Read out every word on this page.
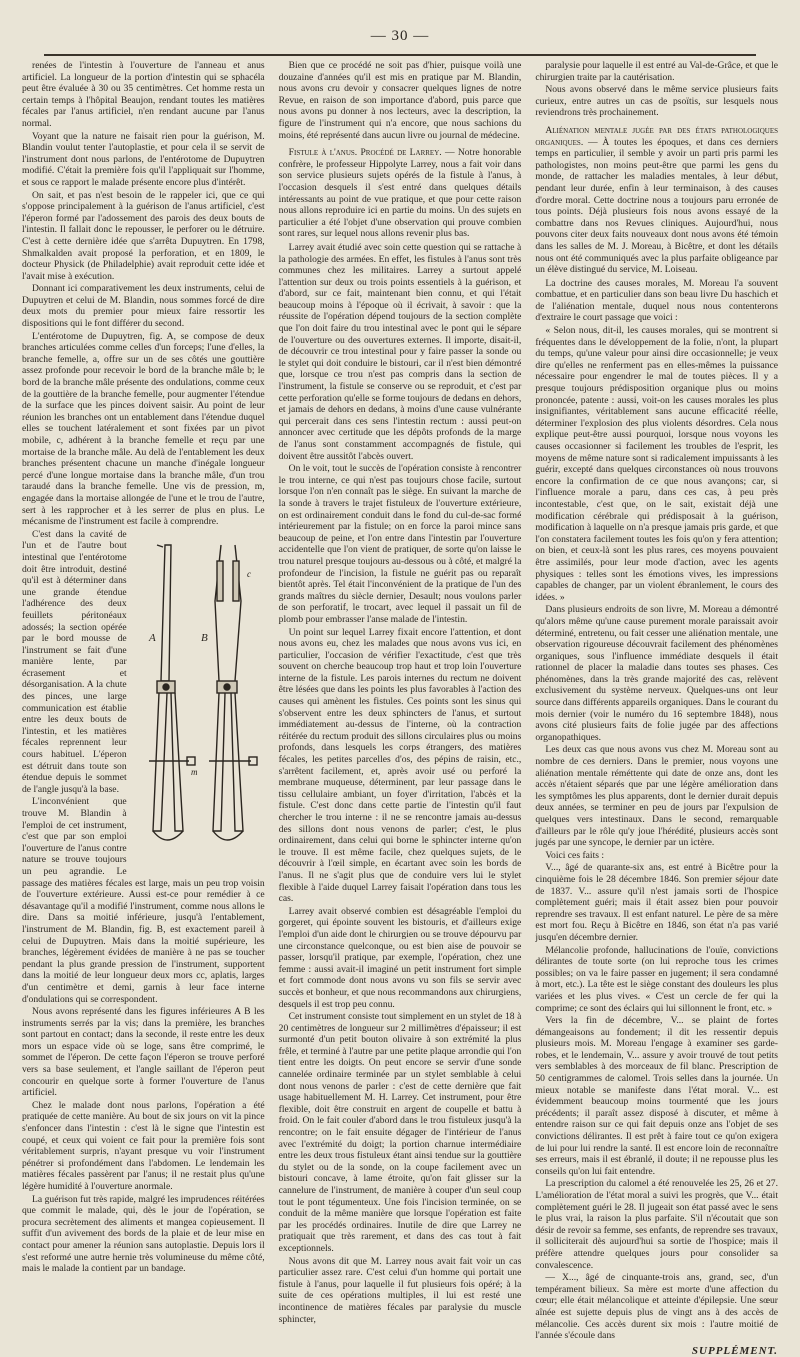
— 30 —

renées de l'intestin à l'ouverture de l'anneau et anus artificiel. La longueur de la portion d'intestin qui se sphacéla peut être évaluée à 30 ou 35 centimètres. Cet homme resta un certain temps à l'hôpital Beaujon, rendant toutes les matières fécales par l'anus artificiel, n'en rendant aucune par l'anus normal.

Voyant que la nature ne faisait rien pour la guérison, M. Blandin voulut tenter l'autoplastie, et pour cela il se servit de l'instrument dont nous parlons, de l'entérotome de Dupuytren modifié. C'était la première fois qu'il l'appliquait sur l'homme, et sous ce rapport le malade présente encore plus d'intérêt.

On sait, et pas n'est besoin de le rappeler ici, que ce qui s'oppose principalement à la guérison de l'anus artificiel, c'est l'éperon formé par l'adossement des parois des deux bouts de l'intestin. Il fallait donc le repousser, le perforer ou le détruire. C'est à cette dernière idée que s'arrêta Dupuytren. En 1798, Shmalkalden avait proposé la perforation, et en 1809, le docteur Physick (de Philadelphie) avait reproduit cette idée et l'avait mise à exécution.

Donnant ici comparativement les deux instruments, celui de Dupuytren et celui de M. Blandin, nous sommes forcé de dire deux mots du premier pour mieux faire ressortir les dispositions qui le font différer du second.

L'entérotome de Dupuytren, fig. A, se compose de deux branches articulées comme celles d'un forceps; l'une d'elles, la branche femelle, a, offre sur un de ses côtés une gouttière assez profonde pour recevoir le bord de la branche mâle b; le bord de la branche mâle présente des ondulations, comme ceux de la gouttière de la branche femelle, pour augmenter l'étendue de la surface que les pinces doivent saisir. Au point de leur réunion les branches ont un entablement dans l'étendue duquel elles se touchent latéralement et sont fixées par un pivot mobile, c, adhérent à la branche femelle et reçu par une mortaise de la branche mâle. Au delà de l'entablement les deux branches présentent chacune un manche d'inégale longueur percé d'une longue mortaise dans la branche mâle, d'un trou taraudé dans la branche femelle. Une vis de pression, m, engagée dans la mortaise allongée de l'une et le trou de l'autre, sert à les rapprocher et à les serrer de plus en plus. Le mécanisme de l'instrument est facile à comprendre.

A	B
c
m

C'est dans la cavité de l'un et de l'autre bout intestinal que l'entérotome doit être introduit, destiné qu'il est à déterminer dans une grande étendue l'adhérence des deux feuillets péritonéaux adossés; la section opérée par le bord mousse de l'instrument se fait d'une manière lente, par écrasement et désorganisation. A la chute des pinces, une large communication est établie entre les deux bouts de l'intestin, et les matières fécales reprennent leur cours habituel. L'éperon est détruit dans toute son étendue depuis le sommet de l'angle jusqu'à la base.

L'inconvénient que trouve M. Blandin à l'emploi de cet instrument, c'est que par son emploi l'ouverture de l'anus contre nature se trouve toujours un peu agrandie. Le passage des matières fécales est large, mais un peu trop voisin de l'ouverture extérieure. Aussi est-ce pour remédier à ce désavantage qu'il a modifié l'instrument, comme nous allons le dire. Dans sa moitié inférieure, jusqu'à l'entablement, l'instrument de M. Blandin, fig. B, est exactement pareil à celui de Dupuytren. Mais dans la moitié supérieure, les branches, légèrement évidées de manière à ne pas se toucher pendant la plus grande pression de l'instrument, supportent dans la moitié de leur longueur deux mors cc, aplatis, larges d'un centimètre et demi, garnis à leur face interne d'ondulations qui se correspondent.

Nous avons représenté dans les figures inférieures A B les instruments serrés par la vis; dans la première, les branches sont partout en contact; dans la seconde, il reste entre les deux mors un espace vide où se loge, sans être comprimé, le sommet de l'éperon. De cette façon l'éperon se trouve perforé vers sa base seulement, et l'angle saillant de l'éperon peut concourir en quelque sorte à former l'ouverture de l'anus artificiel.

Chez le malade dont nous parlons, l'opération a été pratiquée de cette manière. Au bout de six jours on vit la pince s'enfoncer dans l'intestin : c'est là le signe que l'intestin est coupé, et ceux qui voient ce fait pour la première fois sont véritablement surpris, n'ayant presque vu voir l'instrument pénétrer si profondément dans l'abdomen. Le lendemain les matières fécales passèrent par l'anus; il ne restait plus qu'une légère humidité à l'ouverture anormale.

La guérison fut très rapide, malgré les imprudences réitérées que commit le malade, qui, dès le jour de l'opération, se procura secrètement des aliments et mangea copieusement. Il suffit d'un avivement des bords de la plaie et de leur mise en contact pour amener la réunion sans autoplastie. Depuis lors il s'est reformé une autre hernie très volumineuse du même côté, mais le malade la contient par un bandage.

Bien que ce procédé ne soit pas d'hier, puisque voilà une douzaine d'années qu'il est mis en pratique par M. Blandin, nous avons cru devoir y consacrer quelques lignes de notre Revue, en raison de son importance d'abord, puis parce que nous avons pu donner à nos lecteurs, avec la description, la figure de l'instrument qui n'a encore, que nous sachions du moins, été représenté dans aucun livre ou journal de médecine.

Fistule à l'anus. Procédé de Larrey. — Notre honorable confrère, le professeur Hippolyte Larrey, nous a fait voir dans son service plusieurs sujets opérés de la fistule à l'anus, à l'occasion desquels il s'est entré dans quelques détails intéressants au point de vue pratique, et que pour cette raison nous allons reproduire ici en partie du moins. Un des sujets en particulier a été l'objet d'une observation qui prouve combien sont rares, sur lequel nous allons revenir plus bas.

Larrey avait étudié avec soin cette question qui se rattache à la pathologie des armées. En effet, les fistules à l'anus sont très communes chez les militaires. Larrey a surtout appelé l'attention sur deux ou trois points essentiels à la guérison, et d'abord, sur ce fait, maintenant bien connu, et qui l'était beaucoup moins à l'époque où il écrivait, à savoir : que la réussite de l'opération dépend toujours de la section complète que l'on doit faire du trou intestinal avec le pont qui le sépare de l'ouverture ou des ouvertures externes. Il importe, disait-il, de découvrir ce trou intestinal pour y faire passer la sonde ou le stylet qui doit conduire le bistouri, car il n'est bien démontré que, lorsque ce trou n'est pas compris dans la section de l'instrument, la fistule se conserve ou se reproduit, et c'est par cette perforation qu'elle se forme toujours de dedans en dehors, et jamais de dehors en dedans, à moins d'une cause vulnérante qui percerait dans ces sens l'intestin rectum : aussi peut-on annoncer avec certitude que les dépôts profonds de la marge de l'anus sont constamment accompagnés de fistule, qui doivent être aussitôt l'abcès ouvert.

On le voit, tout le succès de l'opération consiste à rencontrer le trou interne, ce qui n'est pas toujours chose facile, surtout lorsque l'on n'en connaît pas le siège. En suivant la marche de la sonde à travers le trajet fistuleux de l'ouverture extérieure, on est ordinairement conduit dans le fond du cul-de-sac formé intérieurement par la fistule; on en force la paroi mince sans beaucoup de peine, et l'on entre dans l'intestin par l'ouverture accidentelle que l'on vient de pratiquer, de sorte qu'on laisse le trou naturel presque toujours au-dessous ou à côté, et malgré la profondeur de l'incision, la fistule ne guérit pas ou reparaît bientôt après. Tel était l'inconvénient de la pratique de l'un des grands maîtres du siècle dernier, Desault; nous voulons parler de son perforatif, le trocart, avec lequel il passait un fil de plomb pour embrasser l'anse malade de l'intestin.

Un point sur lequel Larrey fixait encore l'attention, et dont nous avons eu, chez les malades que nous avons vus ici, en particulier, l'occasion de vérifier l'exactitude, c'est que très souvent on cherche beaucoup trop haut et trop loin l'ouverture interne de la fistule. Les parois internes du rectum ne doivent être lésées que dans les points les plus favorables à l'action des causes qui amènent les fistules. Ces points sont les sinus qui s'observent entre les deux sphincters de l'anus, et surtout immédiatement au-dessus de l'interne, où la contraction réitérée du rectum produit des sillons circulaires plus ou moins profonds, dans lesquels les corps étrangers, des matières fécales, les petites parcelles d'os, des pépins de raisin, etc., s'arrêtent facilement, et, après avoir usé ou perforé la membrane muqueuse, déterminent, par leur passage dans le tissu cellulaire ambiant, un foyer d'irritation, l'abcès et la fistule. C'est donc dans cette partie de l'intestin qu'il faut chercher le trou interne : il ne se rencontre jamais au-dessus des sillons dont nous venons de parler; c'est, le plus ordinairement, dans celui qui borne le sphincter interne qu'on le trouve. Il est même facile, chez quelques sujets, de le découvrir à l'œil simple, en écartant avec soin les bords de l'anus. Il ne s'agit plus que de conduire vers lui le stylet flexible à l'aide duquel Larrey faisait l'opération dans tous les cas.

Larrey avait observé combien est désagréable l'emploi du gorgeret, qui épointe souvent les bistouris, et d'ailleurs exige l'emploi d'un aide dont le chirurgien ou se trouve dépourvu par une circonstance quelconque, ou est bien aise de pouvoir se passer, lorsqu'il pratique, par exemple, l'opération, chez une femme : aussi avait-il imaginé un petit instrument fort simple et fort commode dont nous avons vu son fils se servir avec succès et bonheur, et que nous recommandons aux chirurgiens, desquels il est trop peu connu.

Cet instrument consiste tout simplement en un stylet de 18 à 20 centimètres de longueur sur 2 millimètres d'épaisseur; il est surmonté d'un petit bouton olivaire à son extrémité la plus frêle, et terminé à l'autre par une petite plaque arrondie qui l'on tient entre les doigts. On peut encore se servir d'une sonde cannelée ordinaire terminée par un stylet semblable à celui dont nous venons de parler : c'est de cette dernière que fait usage habituellement M. H. Larrey. Cet instrument, pour être flexible, doit être construit en argent de coupelle et battu à froid. On le fait couler d'abord dans le trou fistuleux jusqu'à la rencontre; on le fait ensuite dégager de l'intérieur de l'anus avec l'extrémité du doigt; la portion charnue intermédiaire entre les deux trous fistuleux étant ainsi tendue sur la gouttière du stylet ou de la sonde, on la coupe facilement avec un bistouri concave, à lame étroite, qu'on fait glisser sur la cannelure de l'instrument, de manière à couper d'un seul coup tout le pont tégumenteux. Une fois l'incision terminée, on se conduit de la même manière que lorsque l'opération est faite par les procédés ordinaires. Inutile de dire que Larrey ne pratiquait que très rarement, et dans des cas tout à fait exceptionnels.

Nous avons dit que M. Larrey nous avait fait voir un cas particulier assez rare. C'est celui d'un homme qui portait une fistule à l'anus, pour laquelle il fut plusieurs fois opéré; à la suite de ces opérations multiples, il lui est resté une incontinence de matières fécales par paralysie du muscle sphincter,

paralysie pour laquelle il est entré au Val-de-Grâce, et que le chirurgien traite par la cautérisation.

Nous avons observé dans le même service plusieurs faits curieux, entre autres un cas de psoïtis, sur lesquels nous reviendrons très prochainement.

Aliénation mentale jugée par des états pathologiques organiques. — À toutes les époques, et dans ces derniers temps en particulier, il semble y avoir un parti pris parmi les pathologistes, non moins peut-être que parmi les gens du monde, de rattacher les maladies mentales, à leur début, pendant leur durée, enfin à leur terminaison, à des causes d'ordre moral. Cette doctrine nous a toujours paru erronée de tous points. Déjà plusieurs fois nous avons essayé de la combattre dans nos Revues cliniques. Aujourd'hui, nous pouvons citer deux faits nouveaux dont nous avons été témoin dans les salles de M. J. Moreau, à Bicêtre, et dont les détails nous ont été communiqués avec la plus parfaite obligeance par un élève distingué du service, M. Loiseau.

La doctrine des causes morales, M. Moreau l'a souvent combattue, et en particulier dans son beau livre Du haschich et de l'aliénation mentale, duquel nous nous contenterons d'extraire le court passage que voici :

« Selon nous, dit-il, les causes morales, qui se montrent si fréquentes dans le développement de la folie, n'ont, la plupart du temps, qu'une valeur pour ainsi dire occasionnelle; je veux dire qu'elles ne renferment pas en elles-mêmes la puissance nécessaire pour engendrer le mal de toutes pièces. Il y a presque toujours prédisposition organique plus ou moins prononcée, patente : aussi, voit-on les causes morales les plus insignifiantes, véritablement sans aucune efficacité réelle, déterminer l'explosion des plus violents désordres. Cela nous explique peut-être aussi pourquoi, lorsque nous voyons les causes occasionner si facilement les troubles de l'esprit, les moyens de même nature sont si radicalement impuissants à les guérir, excepté dans quelques circonstances où nous trouvons encore la confirmation de ce que nous avançons; car, si l'influence morale a paru, dans ces cas, à peu près incontestable, c'est que, on le sait, existait déjà une modification cérébrale qui prédisposait à la guérison, modification à laquelle on n'a presque jamais pris garde, et que l'on constatera facilement toutes les fois qu'on y fera attention; on bien, et ceux-là sont les plus rares, ces moyens pouvaient être assimilés, pour leur mode d'action, avec les agents physiques : telles sont les émotions vives, les impressions capables de changer, par un violent ébranlement, le cours des idées. »

Dans plusieurs endroits de son livre, M. Moreau a démontré qu'alors même qu'une cause purement morale paraissait avoir déterminé, entretenu, ou fait cesser une aliénation mentale, une observation rigoureuse découvrait facilement des phénomènes organiques, sous l'influence immédiate desquels il était rationnel de placer la maladie dans toutes ses phases. Ces phénomènes, dans la très grande majorité des cas, relèvent exclusivement du système nerveux. Quelques-uns ont leur source dans différents appareils organiques. Dans le courant du mois dernier (voir le numéro du 16 septembre 1848), nous avons cité plusieurs faits de folie jugée par des affections organopathiques.

Les deux cas que nous avons vus chez M. Moreau sont au nombre de ces derniers. Dans le premier, nous voyons une aliénation mentale réméttente qui date de onze ans, dont les accès n'étaient séparés que par une légère amélioration dans les symptômes les plus apparents, dont le dernier durait depuis deux années, se terminer en peu de jours par l'expulsion de quelques vers intestinaux. Dans le second, remarquable d'ailleurs par le rôle qu'y joue l'hérédité, plusieurs accès sont jugés par une syncope, le dernier par un ictère.

Voici ces faits :

V..., âgé de quarante-six ans, est entré à Bicêtre pour la cinquième fois le 28 décembre 1846. Son premier séjour date de 1837. V... assure qu'il n'est jamais sorti de l'hospice complètement guéri; mais il était assez bien pour pouvoir reprendre ses travaux. Il est enfant naturel. Le père de sa mère est mort fou. Reçu à Bicêtre en 1846, son état n'a pas varié jusqu'en décembre dernier.

Mélancolie profonde, hallucinations de l'ouïe, convictions délirantes de toute sorte (on lui reproche tous les crimes possibles; on va le faire passer en jugement; il sera condamné à mort, etc.). La tête est le siège constant des douleurs les plus variées et les plus vives. « C'est un cercle de fer qui la comprime; ce sont des éclairs qui lui sillonnent le front, etc. »

Vers la fin de décembre, V... se plaint de fortes démangeaisons au fondement; il dit les ressentir depuis plusieurs mois. M. Moreau l'engage à examiner ses garde-robes, et le lendemain, V... assure y avoir trouvé de tout petits vers semblables à des morceaux de fil blanc. Prescription de 50 centigrammes de calomel. Trois selles dans la journée. Un mieux notable se manifeste dans l'état moral. V... est évidemment beaucoup moins tourmenté que les jours précédents; il paraît assez disposé à discuter, et même à entendre raison sur ce qui fait depuis onze ans l'objet de ses convictions délirantes. Il est prêt à faire tout ce qu'on exigera de lui pour lui rendre la santé. Il est encore loin de reconnaître ses erreurs, mais il est ébranlé, il doute; il ne repousse plus les conseils qu'on lui fait entendre.

La prescription du calomel a été renouvelée les 25, 26 et 27. L'amélioration de l'état moral a suivi les progrès, que V... était complètement guéri le 28. Il jugeait son état passé avec le sens le plus vrai, la raison la plus parfaite. S'il n'écoutait que son désir de revoir sa femme, ses enfants, de reprendre ses travaux, il solliciterait dès aujourd'hui sa sortie de l'hospice; mais il préfère attendre quelques jours pour consolider sa convalescence.

— X..., âgé de cinquante-trois ans, grand, sec, d'un tempérament bilieux. Sa mère est morte d'une affection du cœur; elle était mélancolique et atteinte d'épilepsie. Une sœur aînée est sujette depuis plus de vingt ans à des accès de mélancolie. Ces accès durent six mois : l'autre moitié de l'année s'écoule dans

SUPPLÉMENT.
